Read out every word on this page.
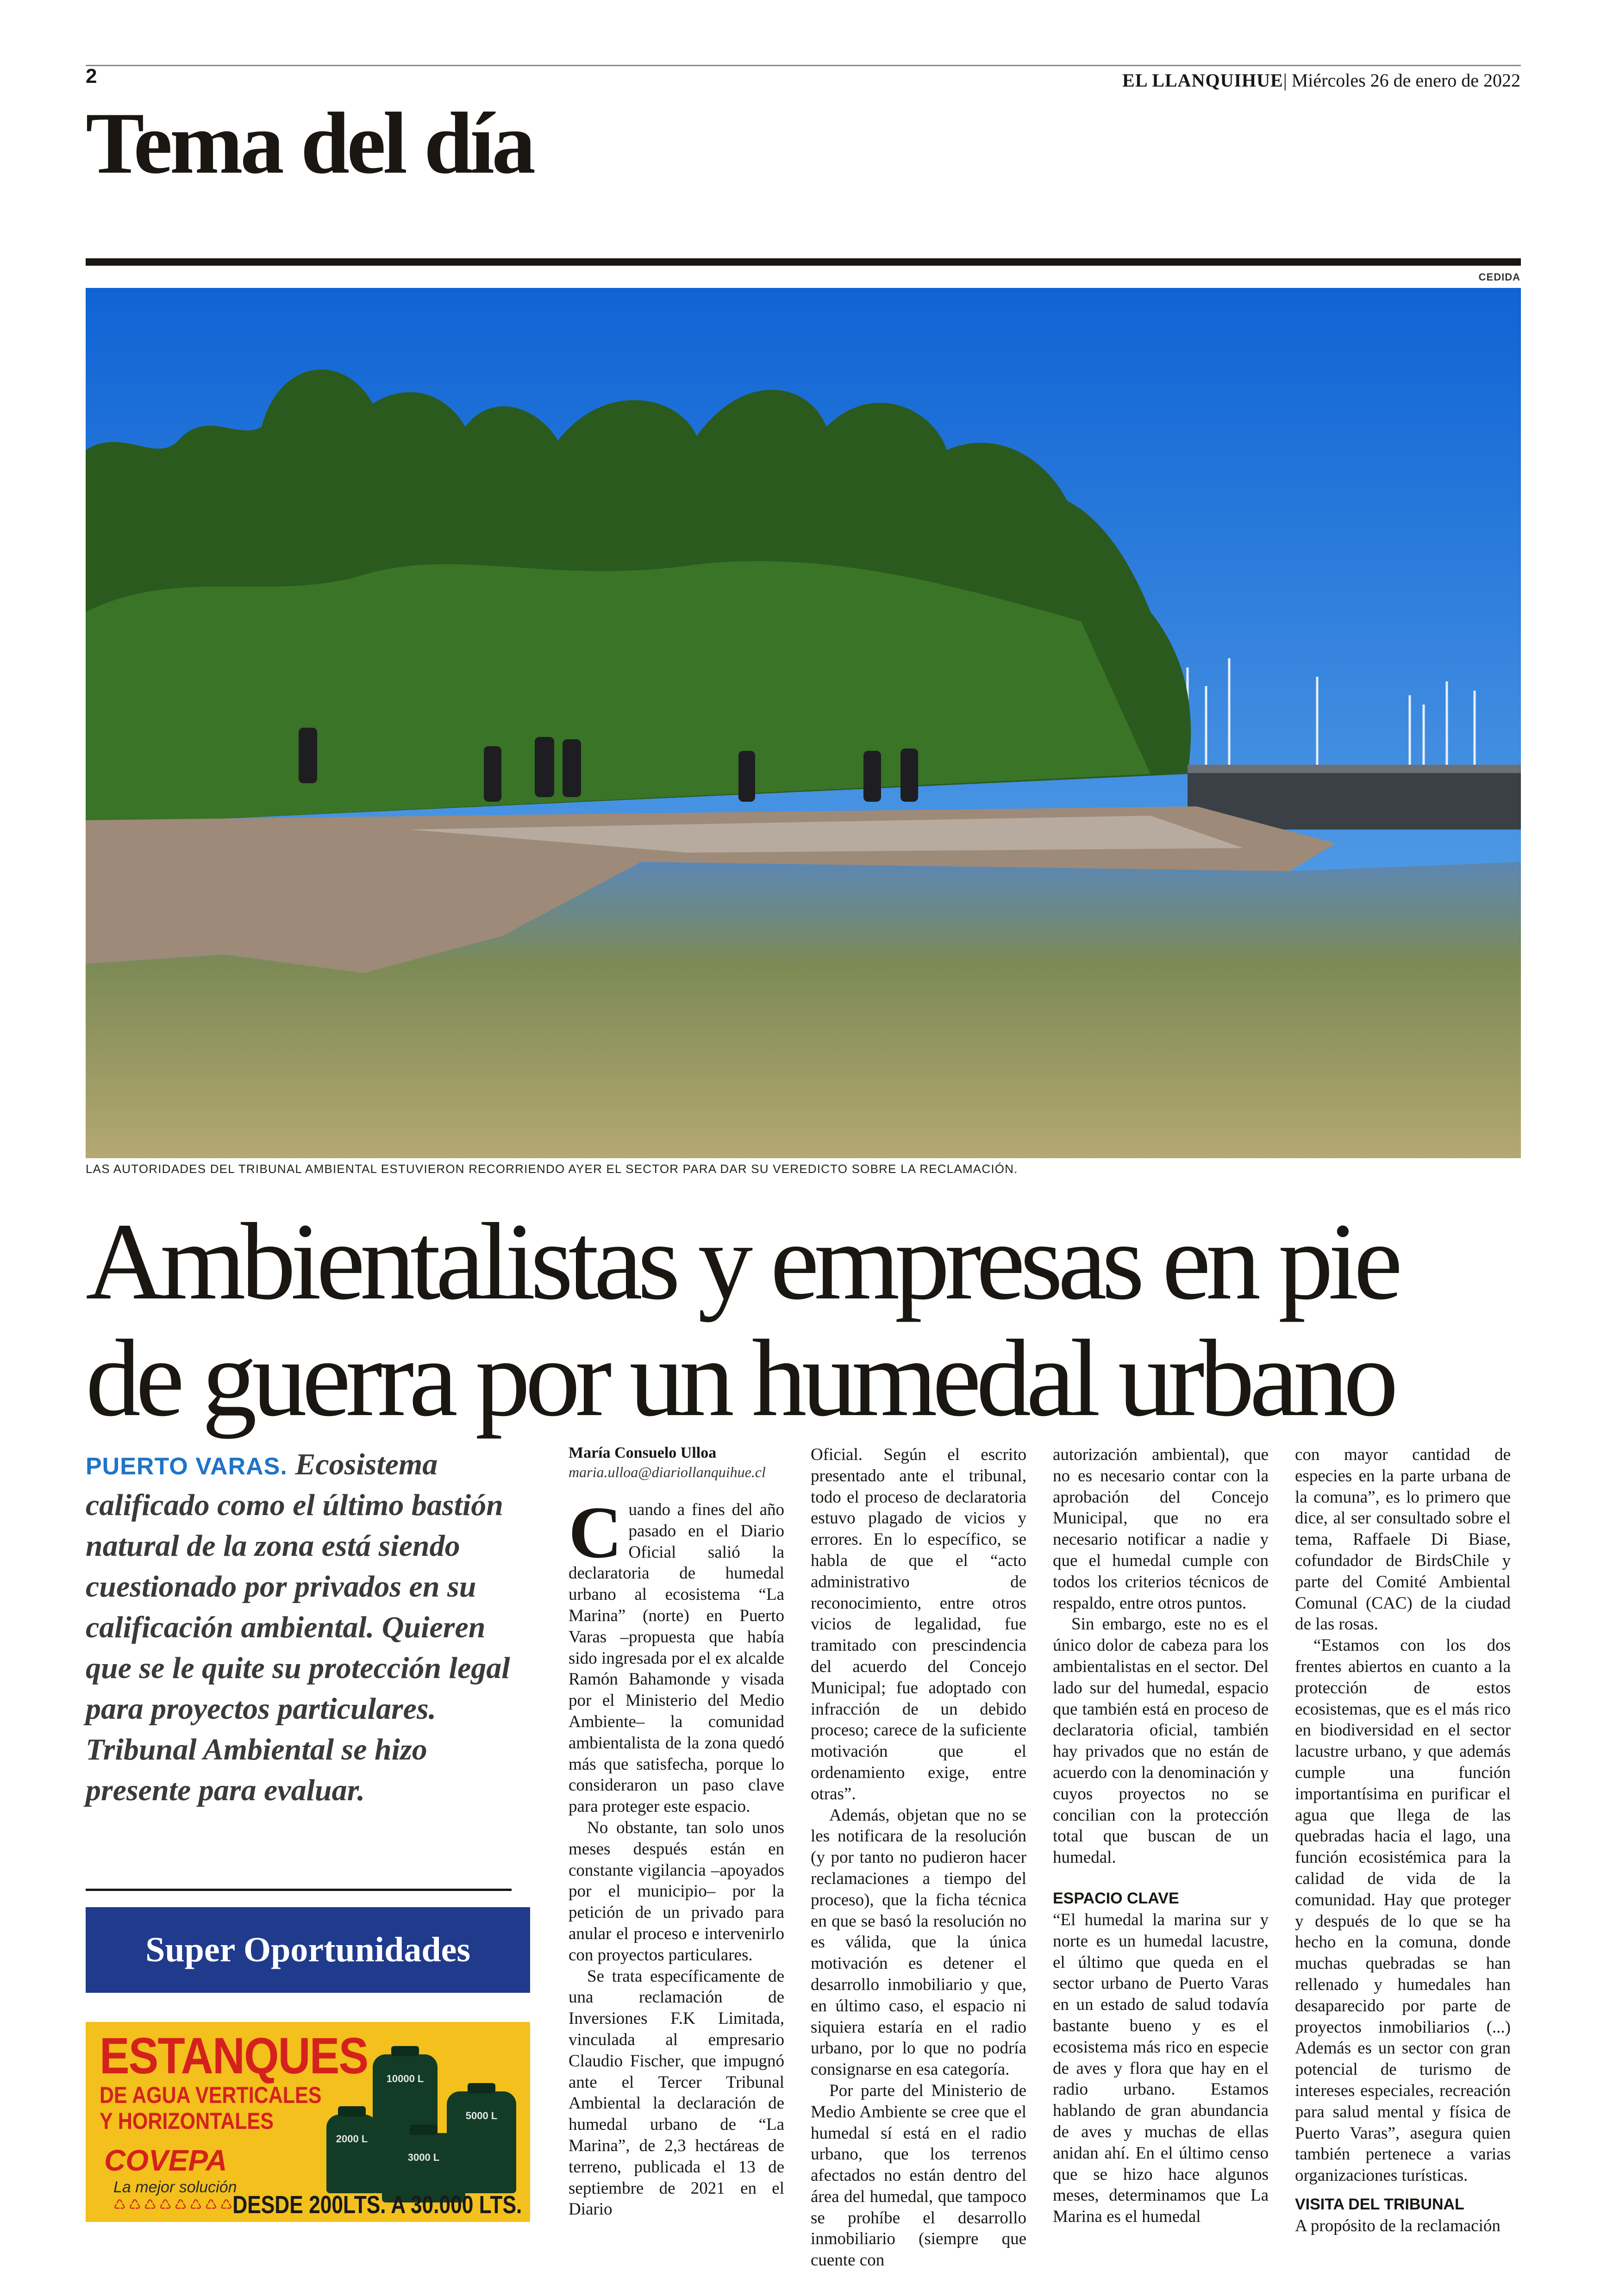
2	EL LLANQUIHUE| Miércoles 26 de enero de 2022
Tema del día
CEDIDA
LAS AUTORIDADES DEL TRIBUNAL AMBIENTAL ESTUVIERON RECORRIENDO AYER EL SECTOR PARA DAR SU VEREDICTO SOBRE LA RECLAMACIÓN.
Ambientalistas y empresas en pie
de guerra por un humedal urbano
PUERTO VARAS. Ecosistema calificado como el último bastión natural de la zona está siendo cuestionado por privados en su calificación ambiental. Quieren que se le quite su protección legal para proyectos particulares. Tribunal Ambiental se hizo presente para evaluar.
Super Oportunidades
ESTANQUES
DE AGUA VERTICALES
Y HORIZONTALES
10000 L
5000 L
3000 L
2000 L
COVEPA
La mejor solución
♺♺♺♺♺♺♺♺
DESDE 200LTS. A 30.000 LTS.
María Consuelo Ulloa
maria.ulloa@diariollanquihue.cl

Cuando a fines del año pasado en el Diario Oficial salió la declaratoria de humedal urbano al ecosistema “La Marina” (norte) en Puerto Varas –propuesta que había sido ingresada por el ex alcalde Ramón Bahamonde y visada por el Ministerio del Medio Ambiente– la comunidad ambientalista de la zona quedó más que satisfecha, porque lo consideraron un paso clave para proteger este espacio.

No obstante, tan solo unos meses después están en constante vigilancia –apoyados por el municipio– por la petición de un privado para anular el proceso e intervenirlo con proyectos particulares.

Se trata específicamente de una reclamación de Inversiones F.K Limitada, vinculada al empresario Claudio Fischer, que impugnó ante el Tercer Tribunal Ambiental la declaración de humedal urbano de “La Marina”, de 2,3 hectáreas de terreno, publicada el 13 de septiembre de 2021 en el Diario

Oficial. Según el escrito presentado ante el tribunal, todo el proceso de declaratoria estuvo plagado de vicios y errores. En lo específico, se habla de que el “acto administrativo de reconocimiento, entre otros vicios de legalidad, fue tramitado con prescindencia del acuerdo del Concejo Municipal; fue adoptado con infracción de un debido proceso; carece de la suficiente motivación que el ordenamiento exige, entre otras”.

Además, objetan que no se les notificara de la resolución (y por tanto no pudieron hacer reclamaciones a tiempo del proceso), que la ficha técnica en que se basó la resolución no es válida, que la única motivación es detener el desarrollo inmobiliario y que, en último caso, el espacio ni siquiera estaría en el radio urbano, por lo que no podría consignarse en esa categoría.

Por parte del Ministerio de Medio Ambiente se cree que el humedal sí está en el radio urbano, que los terrenos afectados no están dentro del área del humedal, que tampoco se prohíbe el desarrollo inmobiliario (siempre que cuente con

autorización ambiental), que no es necesario contar con la aprobación del Concejo Municipal, que no era necesario notificar a nadie y que el humedal cumple con todos los criterios técnicos de respaldo, entre otros puntos.

Sin embargo, este no es el único dolor de cabeza para los ambientalistas en el sector. Del lado sur del humedal, espacio que también está en proceso de declaratoria oficial, también hay privados que no están de acuerdo con la denominación y cuyos proyectos no se concilian con la protección total que buscan de un humedal.

ESPACIO CLAVE

“El humedal la marina sur y norte es un humedal lacustre, el último que queda en el sector urbano de Puerto Varas en un estado de salud todavía bastante bueno y es el ecosistema más rico en especie de aves y flora que hay en el radio urbano. Estamos hablando de gran abundancia de aves y muchas de ellas anidan ahí. En el último censo que se hizo hace algunos meses, determinamos que La Marina es el humedal

con mayor cantidad de especies en la parte urbana de la comuna”, es lo primero que dice, al ser consultado sobre el tema, Raffaele Di Biase, cofundador de BirdsChile y parte del Comité Ambiental Comunal (CAC) de la ciudad de las rosas.

“Estamos con los dos frentes abiertos en cuanto a la protección de estos ecosistemas, que es el más rico en biodiversidad en el sector lacustre urbano, y que además cumple una función importantísima en purificar el agua que llega de las quebradas hacia el lago, una función ecosistémica para la calidad de vida de la comunidad. Hay que proteger y después de lo que se ha hecho en la comuna, donde muchas quebradas se han rellenado y humedales han desaparecido por parte de proyectos inmobiliarios (...) Además es un sector con gran potencial de turismo de intereses especiales, recreación para salud mental y física de Puerto Varas”, asegura quien también pertenece a varias organizaciones turísticas.

VISITA DEL TRIBUNAL

A propósito de la reclamación
